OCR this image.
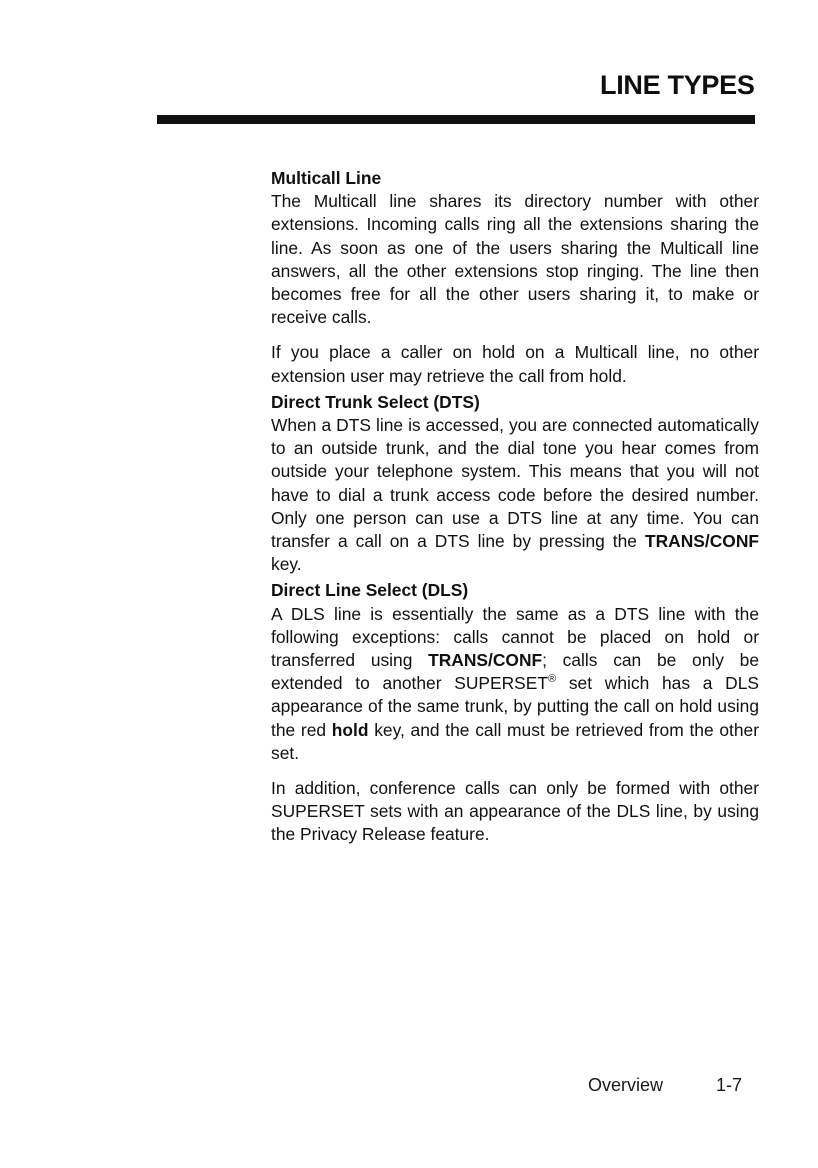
LINE TYPES

Multicall Line

The Multicall line shares its directory number with other extensions. Incoming calls ring all the extensions sharing the line. As soon as one of the users sharing the Multicall line answers, all the other extensions stop ringing. The line then becomes free for all the other users sharing it, to make or receive calls.

If you place a caller on hold on a Multicall line, no other extension user may retrieve the call from hold.

Direct Trunk Select (DTS)

When a DTS line is accessed, you are connected automatically to an outside trunk, and the dial tone you hear comes from outside your telephone system. This means that you will not have to dial a trunk access code before the desired number. Only one person can use a DTS line at any time. You can transfer a call on a DTS line by pressing the TRANS/CONF key.

Direct Line Select (DLS)

A DLS line is essentially the same as a DTS line with the following exceptions: calls cannot be placed on hold or transferred using TRANS/CONF; calls can be only be extended to another SUPERSET® set which has a DLS appearance of the same trunk, by putting the call on hold using the red hold key, and the call must be retrieved from the other set.

In addition, conference calls can only be formed with other SUPERSET sets with an appearance of the DLS line, by using the Privacy Release feature.

Overview	1-7
